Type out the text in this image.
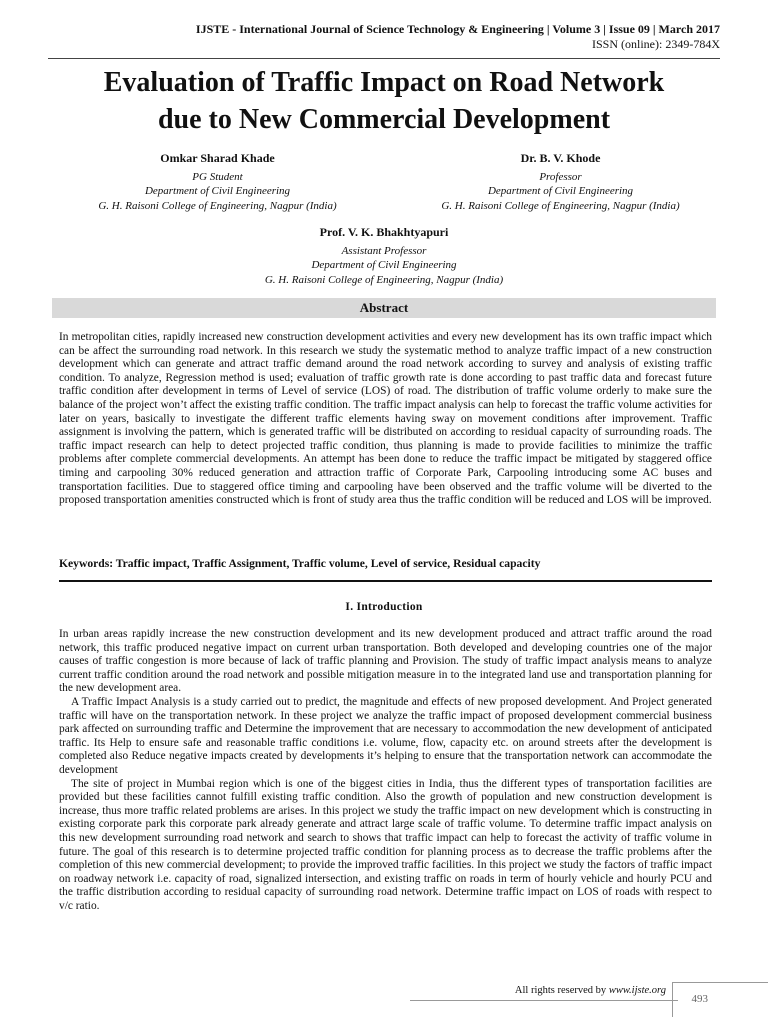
IJSTE - International Journal of Science Technology & Engineering | Volume 3 | Issue 09 | March 2017
ISSN (online): 2349-784X
Evaluation of Traffic Impact on Road Network
due to New Commercial Development
Omkar Sharad Khade
PG Student
Department of Civil Engineering
G. H. Raisoni College of Engineering, Nagpur (India)
Dr. B. V. Khode
Professor
Department of Civil Engineering
G. H. Raisoni College of Engineering, Nagpur (India)
Prof. V. K. Bhakhtyapuri
Assistant Professor
Department of Civil Engineering
G. H. Raisoni College of Engineering, Nagpur (India)
Abstract
In metropolitan cities, rapidly increased new construction development activities and every new development has its own traffic impact which can be affect the surrounding road network. In this research we study the systematic method to analyze traffic impact of a new construction development which can generate and attract traffic demand around the road network according to survey and analysis of existing traffic condition. To analyze, Regression method is used; evaluation of traffic growth rate is done according to past traffic data and forecast future traffic condition after development in terms of Level of service (LOS) of road. The distribution of traffic volume orderly to make sure the balance of the project won’t affect the existing traffic condition. The traffic impact analysis can help to forecast the traffic volume activities for later on years, basically to investigate the different traffic elements having sway on movement conditions after improvement. Traffic assignment is involving the pattern, which is generated traffic will be distributed on according to residual capacity of surrounding roads. The traffic impact research can help to detect projected traffic condition, thus planning is made to provide facilities to minimize the traffic problems after complete commercial developments. An attempt has been done to reduce the traffic impact be mitigated by staggered office timing and carpooling 30% reduced generation and attraction traffic of Corporate Park, Carpooling introducing some AC buses and transportation facilities. Due to staggered office timing and carpooling have been observed and the traffic volume will be diverted to the proposed transportation amenities constructed which is front of study area thus the traffic condition will be reduced and LOS will be improved.
Keywords: Traffic impact, Traffic Assignment, Traffic volume, Level of service, Residual capacity
I. Introduction

In urban areas rapidly increase the new construction development and its new development produced and attract traffic around the road network, this traffic produced negative impact on current urban transportation. Both developed and developing countries one of the major causes of traffic congestion is more because of lack of traffic planning and Provision. The study of traffic impact analysis means to analyze current traffic condition around the road network and possible mitigation measure in to the integrated land use and transportation planning for the new development area.

A Traffic Impact Analysis is a study carried out to predict, the magnitude and effects of new proposed development. And Project generated traffic will have on the transportation network. In these project we analyze the traffic impact of proposed development commercial business park affected on surrounding traffic and Determine the improvement that are necessary to accommodation the new development of anticipated traffic. Its Help to ensure safe and reasonable traffic conditions i.e. volume, flow, capacity etc. on around streets after the development is completed also Reduce negative impacts created by developments it’s helping to ensure that the transportation network can accommodate the development

The site of project in Mumbai region which is one of the biggest cities in India, thus the different types of transportation facilities are provided but these facilities cannot fulfill existing traffic condition. Also the growth of population and new construction development is increase, thus more traffic related problems are arises. In this project we study the traffic impact on new development which is constructing in existing corporate park this corporate park already generate and attract large scale of traffic volume. To determine traffic impact analysis on this new development surrounding road network and search to shows that traffic impact can help to forecast the activity of traffic volume in future. The goal of this research is to determine projected traffic condition for planning process as to decrease the traffic problems after the completion of this new commercial development; to provide the improved traffic facilities. In this project we study the factors of traffic impact on roadway network i.e. capacity of road, signalized intersection, and existing traffic on roads in term of hourly vehicle and hourly PCU and the traffic distribution according to residual capacity of surrounding road network. Determine traffic impact on LOS of roads with respect to v/c ratio.

All rights reserved by www.ijste.org
493
